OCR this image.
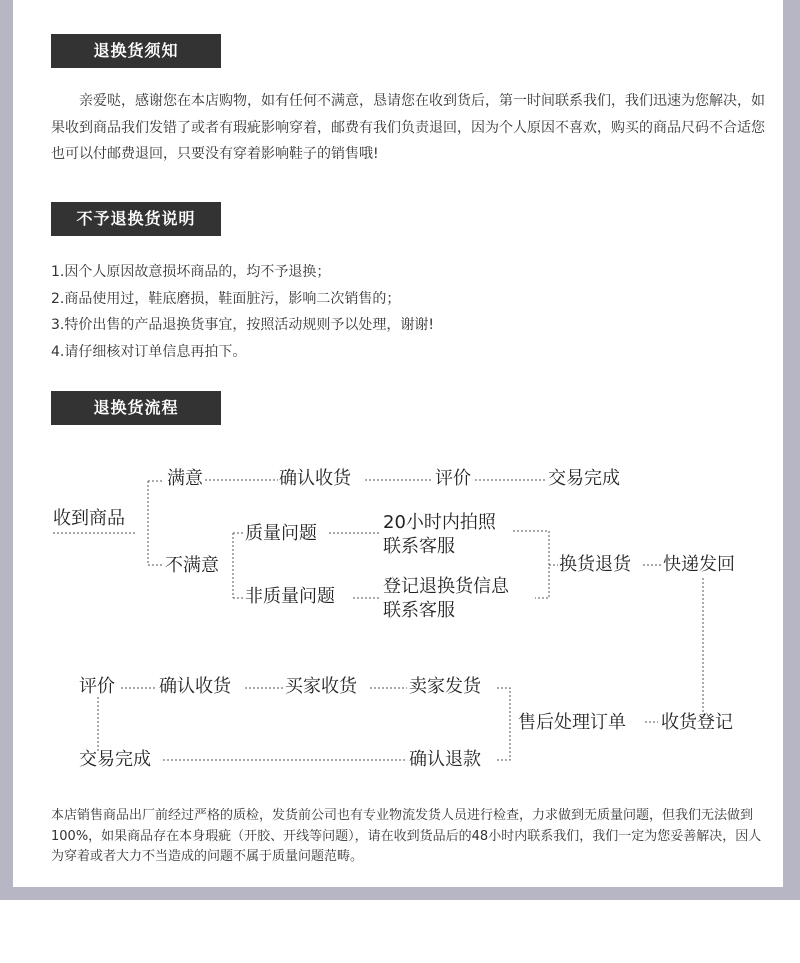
退换货须知
亲爱哒，感谢您在本店购物，如有任何不满意，恳请您在收到货后，第一时间联系我们，我们迅速为您解决，如果收到商品我们发错了或者有瑕疵影响穿着，邮费有我们负责退回，因为个人原因不喜欢，购买的商品尺码不合适您也可以付邮费退回，只要没有穿着影响鞋子的销售哦!
不予退换货说明
1.因个人原因故意损坏商品的，均不予退换；
2.商品使用过，鞋底磨损，鞋面脏污，影响二次销售的；
3.特价出售的产品退换货事宜，按照活动规则予以处理，谢谢!
4.请仔细核对订单信息再拍下。
退换货流程
收到商品
满意	确认收货	评价	交易完成
不满意
质量问题
20小时内拍照
联系客服
非质量问题	登记退换货信息
联系客服
换货退货 快递发回
收货登记
售后处理订单
卖家发货
买家收货
确认收货
评价
确认退款
交易完成
本店销售商品出厂前经过严格的质检，发货前公司也有专业物流发货人员进行检查，力求做到无质量问题，但我们无法做到100%，如果商品存在本身瑕疵（开胶、开线等问题），请在收到货品后的48小时内联系我们，我们一定为您妥善解决，因人为穿着或者大力不当造成的问题不属于质量问题范畴。
